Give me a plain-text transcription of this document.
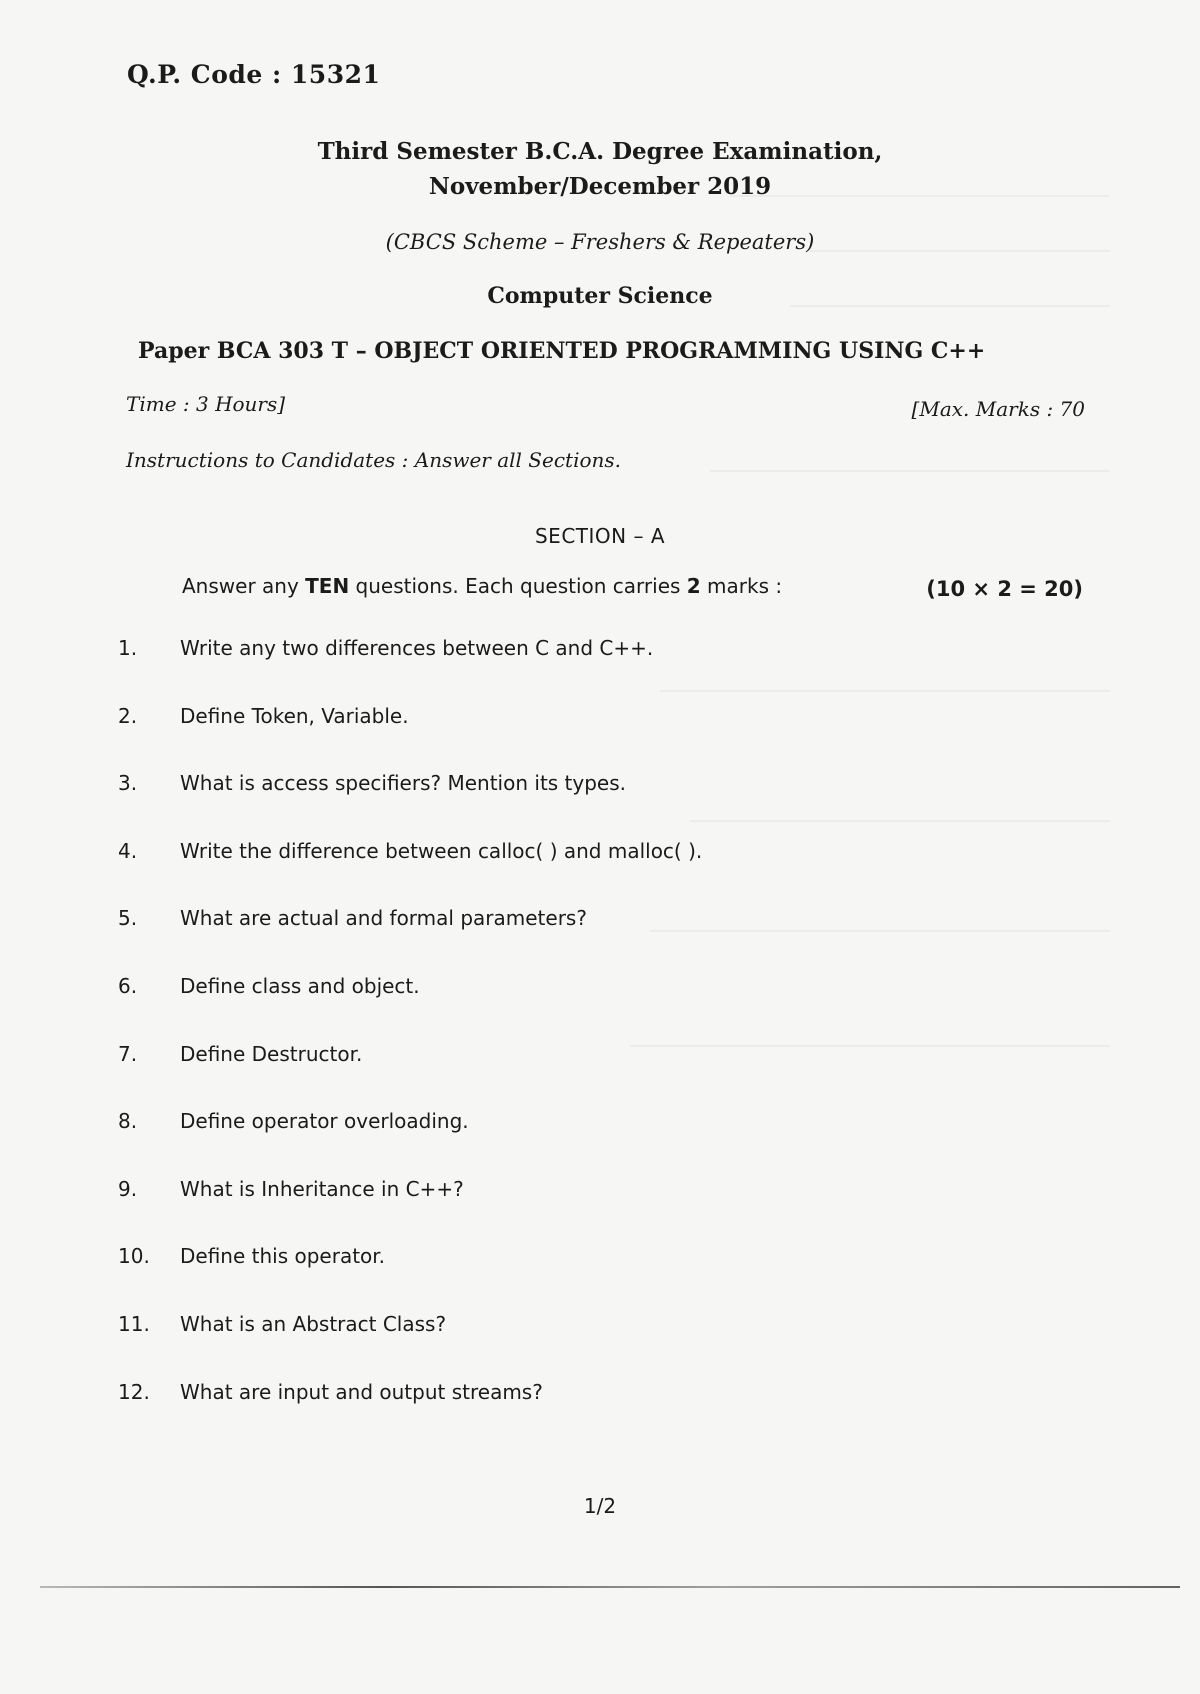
Q.P. Code : 15321
Third Semester B.C.A. Degree Examination,
November/December 2019
(CBCS Scheme – Freshers & Repeaters)
Computer Science
Paper BCA 303 T – OBJECT ORIENTED PROGRAMMING USING C++
Time : 3 Hours]	[Max. Marks : 70
Instructions to Candidates : Answer all Sections.
SECTION – A
Answer any TEN questions. Each question carries 2 marks :	(10 × 2 = 20)
1.	Write any two differences between C and C++.
2.	Define Token, Variable.
3.	What is access specifiers? Mention its types.
4.	Write the difference between calloc( ) and malloc( ).
5.	What are actual and formal parameters?
6.	Define class and object.
7.	Define Destructor.
8.	Define operator overloading.
9.	What is Inheritance in C++?
10.	Define this operator.
11.	What is an Abstract Class?
12.	What are input and output streams?
1/2
